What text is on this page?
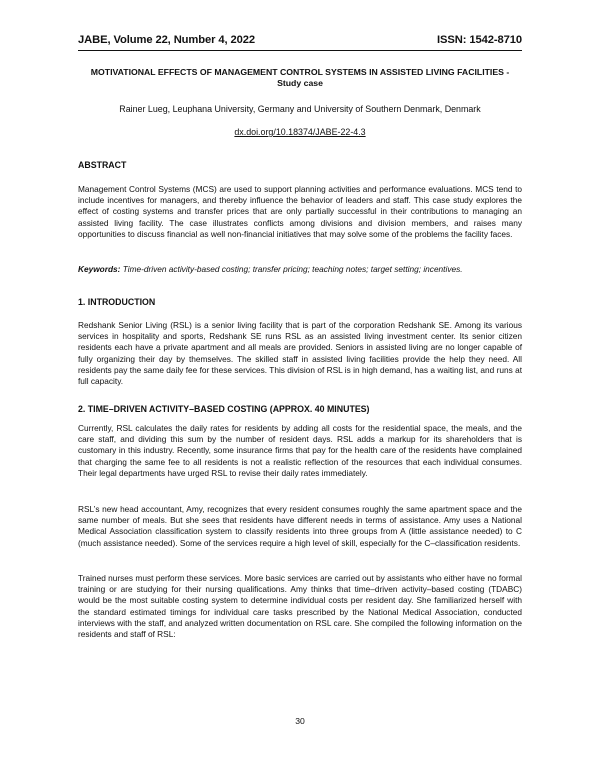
JABE, Volume 22, Number 4, 2022	ISSN: 1542-8710
MOTIVATIONAL EFFECTS OF MANAGEMENT CONTROL SYSTEMS IN ASSISTED LIVING FACILITIES - Study case
Rainer Lueg, Leuphana University, Germany and University of Southern Denmark, Denmark
dx.doi.org/10.18374/JABE-22-4.3
ABSTRACT

Management Control Systems (MCS) are used to support planning activities and performance evaluations. MCS tend to include incentives for managers, and thereby influence the behavior of leaders and staff. This case study explores the effect of costing systems and transfer prices that are only partially successful in their contributions to managing an assisted living facility. The case illustrates conflicts among divisions and division members, and raises many opportunities to discuss financial as well non-financial initiatives that may solve some of the problems the facility faces.

Keywords: Time-driven activity-based costing; transfer pricing; teaching notes; target setting; incentives.

1. INTRODUCTION

Redshank Senior Living (RSL) is a senior living facility that is part of the corporation Redshank SE. Among its various services in hospitality and sports, Redshank SE runs RSL as an assisted living investment center. Its senior citizen residents each have a private apartment and all meals are provided. Seniors in assisted living are no longer capable of fully organizing their day by themselves. The skilled staff in assisted living facilities provide the help they need. All residents pay the same daily fee for these services. This division of RSL is in high demand, has a waiting list, and runs at full capacity.

2. TIME–DRIVEN ACTIVITY–BASED COSTING (APPROX. 40 MINUTES)

Currently, RSL calculates the daily rates for residents by adding all costs for the residential space, the meals, and the care staff, and dividing this sum by the number of resident days. RSL adds a markup for its shareholders that is customary in this industry. Recently, some insurance firms that pay for the health care of the residents have complained that charging the same fee to all residents is not a realistic reflection of the resources that each individual consumes. Their legal departments have urged RSL to revise their daily rates immediately.

RSL’s new head accountant, Amy, recognizes that every resident consumes roughly the same apartment space and the same number of meals. But she sees that residents have different needs in terms of assistance. Amy uses a National Medical Association classification system to classify residents into three groups from A (little assistance needed) to C (much assistance needed). Some of the services require a high level of skill, especially for the C–classification residents.

Trained nurses must perform these services. More basic services are carried out by assistants who either have no formal training or are studying for their nursing qualifications. Amy thinks that time–driven activity–based costing (TDABC) would be the most suitable costing system to determine individual costs per resident day. She familiarized herself with the standard estimated timings for individual care tasks prescribed by the National Medical Association, conducted interviews with the staff, and analyzed written documentation on RSL care. She compiled the following information on the residents and staff of RSL:

30
